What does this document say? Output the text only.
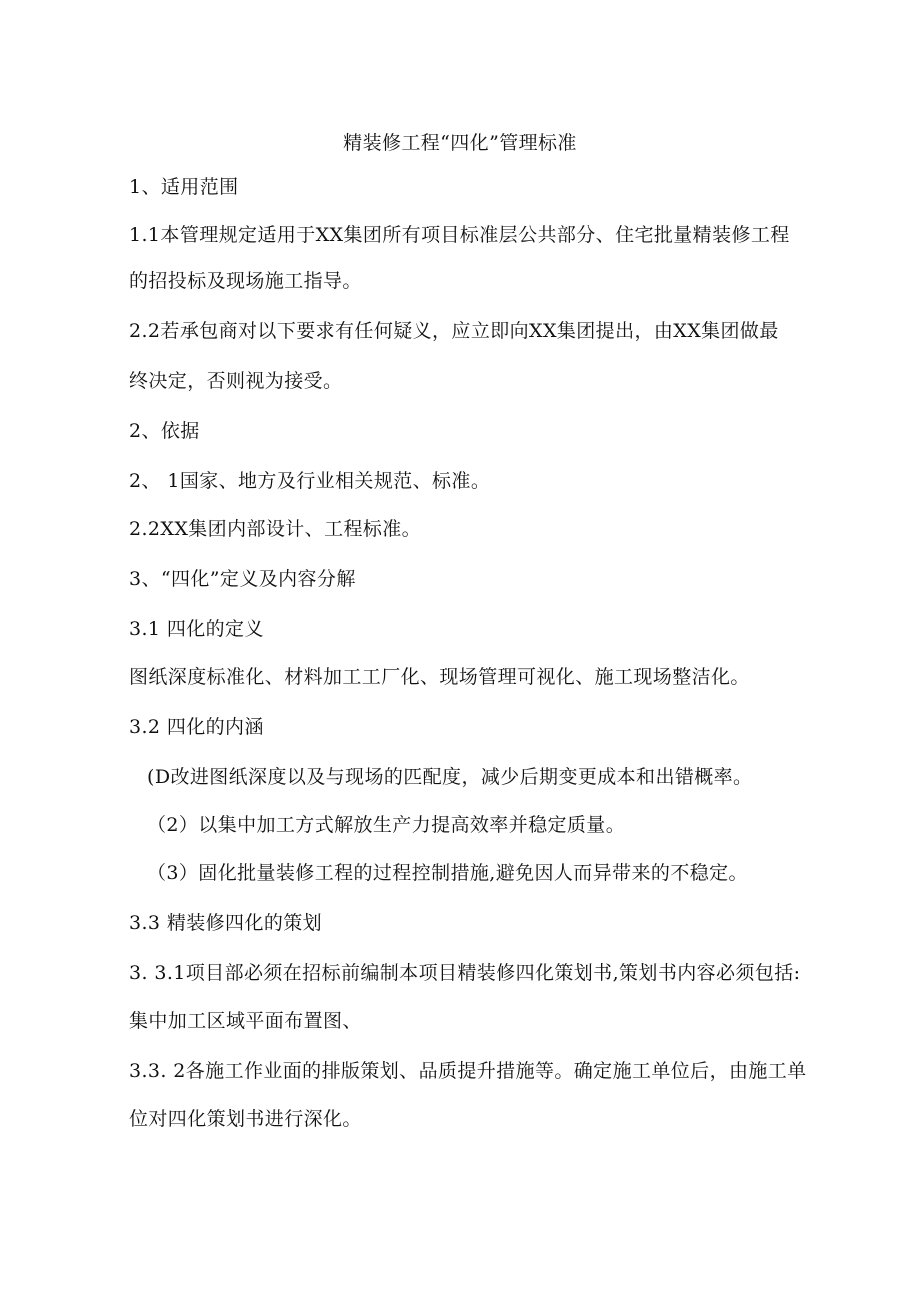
精装修工程“四化”管理标准

1、适用范围

1.1本管理规定适用于XX集团所有项目标准层公共部分、住宅批量精装修工程

的招投标及现场施工指导。

2.2若承包商对以下要求有任何疑义，应立即向XX集团提出，由XX集团做最

终决定，否则视为接受。

2、依据

2、 1国家、地方及行业相关规范、标准。

2.2XX集团内部设计、工程标准。

3、“四化”定义及内容分解

3.1 四化的定义

图纸深度标准化、材料加工工厂化、现场管理可视化、施工现场整洁化。

3.2 四化的内涵

(D改进图纸深度以及与现场的匹配度，减少后期变更成本和出错概率。

（2）以集中加工方式解放生产力提高效率并稳定质量。

（3）固化批量装修工程的过程控制措施,避免因人而异带来的不稳定。

3.3 精装修四化的策划

3. 3.1项目部必须在招标前编制本项目精装修四化策划书,策划书内容必须包括:

集中加工区域平面布置图、

3.3. 2各施工作业面的排版策划、品质提升措施等。确定施工单位后，由施工单

位对四化策划书进行深化。
